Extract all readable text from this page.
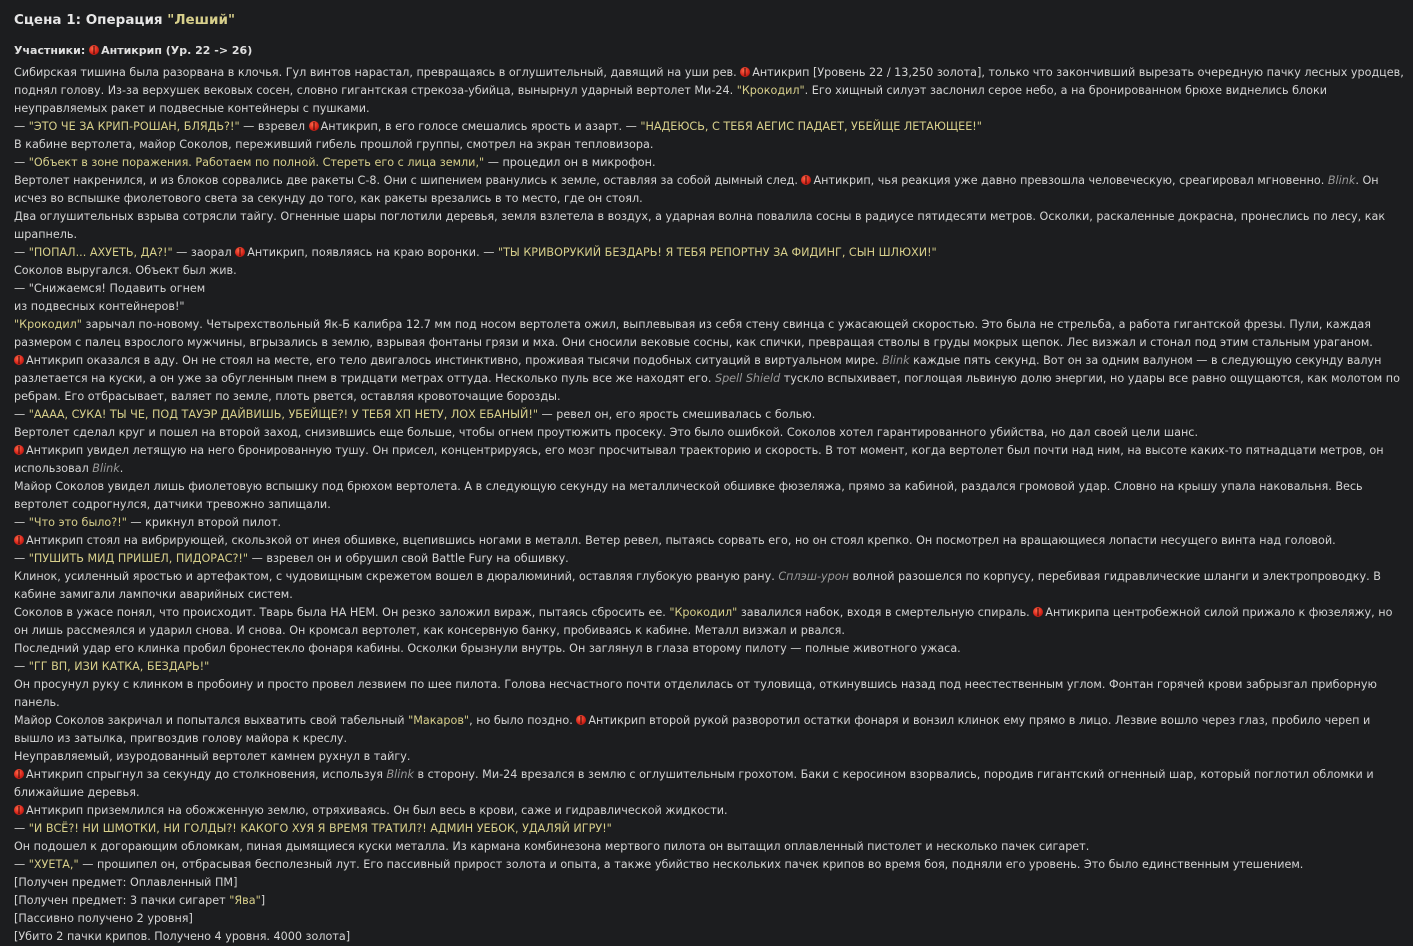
Сцена 1: Операция "Леший"
Участники: Антикрип (Ур. 22 -> 26)
Сибирская тишина была разорвана в клочья. Гул винтов нарастал, превращаясь в оглушительный, давящий на уши рев. Антикрип [Уровень 22 / 13,250 золота], только что закончивший вырезать очередную пачку лесных уродцев, поднял голову. Из-за верхушек вековых сосен, словно гигантская стрекоза-убийца, вынырнул ударный вертолет Ми-24. "Крокодил". Его хищный силуэт заслонил серое небо, а на бронированном брюхе виднелись блоки неуправляемых ракет и подвесные контейнеры с пушками.
— "ЭТО ЧЕ ЗА КРИП-РОШАН, БЛЯДЬ?!" — взревел Антикрип, в его голосе смешались ярость и азарт. — "НАДЕЮСЬ, С ТЕБЯ АЕГИС ПАДАЕТ, УБЕЙЩЕ ЛЕТАЮЩЕЕ!"
В кабине вертолета, майор Соколов, переживший гибель прошлой группы, смотрел на экран тепловизора.
— "Объект в зоне поражения. Работаем по полной. Стереть его с лица земли," — процедил он в микрофон.
Вертолет накренился, и из блоков сорвались две ракеты С-8. Они с шипением рванулись к земле, оставляя за собой дымный след. Антикрип, чья реакция уже давно превзошла человеческую, среагировал мгновенно. Blink. Он исчез во вспышке фиолетового света за секунду до того, как ракеты врезались в то место, где он стоял.
Два оглушительных взрыва сотрясли тайгу. Огненные шары поглотили деревья, земля взлетела в воздух, а ударная волна повалила сосны в радиусе пятидесяти метров. Осколки, раскаленные докрасна, пронеслись по лесу, как шрапнель.
— "ПОПАЛ... АХУЕТЬ, ДА?!" — заорал Антикрип, появляясь на краю воронки. — "ТЫ КРИВОРУКИЙ БЕЗДАРЬ! Я ТЕБЯ РЕПОРТНУ ЗА ФИДИНГ, СЫН ШЛЮХИ!"
Соколов выругался. Объект был жив.
— "Снижаемся! Подавить огнем
из подвесных контейнеров!"
"Крокодил" зарычал по-новому. Четырехствольный Як-Б калибра 12.7 мм под носом вертолета ожил, выплевывая из себя стену свинца с ужасающей скоростью. Это была не стрельба, а работа гигантской фрезы. Пули, каждая размером с палец взрослого мужчины, вгрызались в землю, взрывая фонтаны грязи и мха. Они сносили вековые сосны, как спички, превращая стволы в груды мокрых щепок. Лес визжал и стонал под этим стальным ураганом.
Антикрип оказался в аду. Он не стоял на месте, его тело двигалось инстинктивно, проживая тысячи подобных ситуаций в виртуальном мире. Blink каждые пять секунд. Вот он за одним валуном — в следующую секунду валун разлетается на куски, а он уже за обугленным пнем в тридцати метрах оттуда. Несколько пуль все же находят его. Spell Shield тускло вспыхивает, поглощая львиную долю энергии, но удары все равно ощущаются, как молотом по ребрам. Его отбрасывает, валяет по земле, плоть рвется, оставляя кровоточащие борозды.
— "АААА, СУКА! ТЫ ЧЕ, ПОД ТАУЭР ДАЙВИШЬ, УБЕЙЩЕ?! У ТЕБЯ ХП НЕТУ, ЛОХ ЕБАНЫЙ!" — ревел он, его ярость смешивалась с болью.
Вертолет сделал круг и пошел на второй заход, снизившись еще больше, чтобы огнем проутюжить просеку. Это было ошибкой. Соколов хотел гарантированного убийства, но дал своей цели шанс.
Антикрип увидел летящую на него бронированную тушу. Он присел, концентрируясь, его мозг просчитывал траекторию и скорость. В тот момент, когда вертолет был почти над ним, на высоте каких-то пятнадцати метров, он использовал Blink.
Майор Соколов увидел лишь фиолетовую вспышку под брюхом вертолета. А в следующую секунду на металлической обшивке фюзеляжа, прямо за кабиной, раздался громовой удар. Словно на крышу упала наковальня. Весь вертолет содрогнулся, датчики тревожно запищали.
— "Что это было?!" — крикнул второй пилот.
Антикрип стоял на вибрирующей, скользкой от инея обшивке, вцепившись ногами в металл. Ветер ревел, пытаясь сорвать его, но он стоял крепко. Он посмотрел на вращающиеся лопасти несущего винта над головой.
— "ПУШИТЬ МИД ПРИШЕЛ, ПИДОРАС?!" — взревел он и обрушил свой Battle Fury на обшивку.
Клинок, усиленный яростью и артефактом, с чудовищным скрежетом вошел в дюралюминий, оставляя глубокую рваную рану. Сплэш-урон волной разошелся по корпусу, перебивая гидравлические шланги и электропроводку. В кабине замигали лампочки аварийных систем.
Соколов в ужасе понял, что происходит. Тварь была НА НЕМ. Он резко заложил вираж, пытаясь сбросить ее. "Крокодил" завалился набок, входя в смертельную спираль. Антикрипа центробежной силой прижало к фюзеляжу, но он лишь рассмеялся и ударил снова. И снова. Он кромсал вертолет, как консервную банку, пробиваясь к кабине. Металл визжал и рвался.
Последний удар его клинка пробил бронестекло фонаря кабины. Осколки брызнули внутрь. Он заглянул в глаза второму пилоту — полные животного ужаса.
— "ГГ ВП, ИЗИ КАТКА, БЕЗДАРЬ!"
Он просунул руку с клинком в пробоину и просто провел лезвием по шее пилота. Голова несчастного почти отделилась от туловища, откинувшись назад под неестественным углом. Фонтан горячей крови забрызгал приборную панель.
Майор Соколов закричал и попытался выхватить свой табельный "Макаров", но было поздно. Антикрип второй рукой разворотил остатки фонаря и вонзил клинок ему прямо в лицо. Лезвие вошло через глаз, пробило череп и вышло из затылка, пригвоздив голову майора к креслу.
Неуправляемый, изуродованный вертолет камнем рухнул в тайгу.
Антикрип спрыгнул за секунду до столкновения, используя Blink в сторону. Ми-24 врезался в землю с оглушительным грохотом. Баки с керосином взорвались, породив гигантский огненный шар, который поглотил обломки и ближайшие деревья.
Антикрип приземлился на обожженную землю, отряхиваясь. Он был весь в крови, саже и гидравлической жидкости.
— "И ВСЁ?! НИ ШМОТКИ, НИ ГОЛДЫ?! КАКОГО ХУЯ Я ВРЕМЯ ТРАТИЛ?! АДМИН УЕБОК, УДАЛЯЙ ИГРУ!"
Он подошел к догорающим обломкам, пиная дымящиеся куски металла. Из кармана комбинезона мертвого пилота он вытащил оплавленный пистолет и несколько пачек сигарет.
— "ХУЕТА," — прошипел он, отбрасывая бесполезный лут. Его пассивный прирост золота и опыта, а также убийство нескольких пачек крипов во время боя, подняли его уровень. Это было единственным утешением.
[Получен предмет: Оплавленный ПМ]
[Получен предмет: 3 пачки сигарет "Ява"]
[Пассивно получено 2 уровня]
[Убито 2 пачки крипов. Получено 4 уровня. 4000 золота]
